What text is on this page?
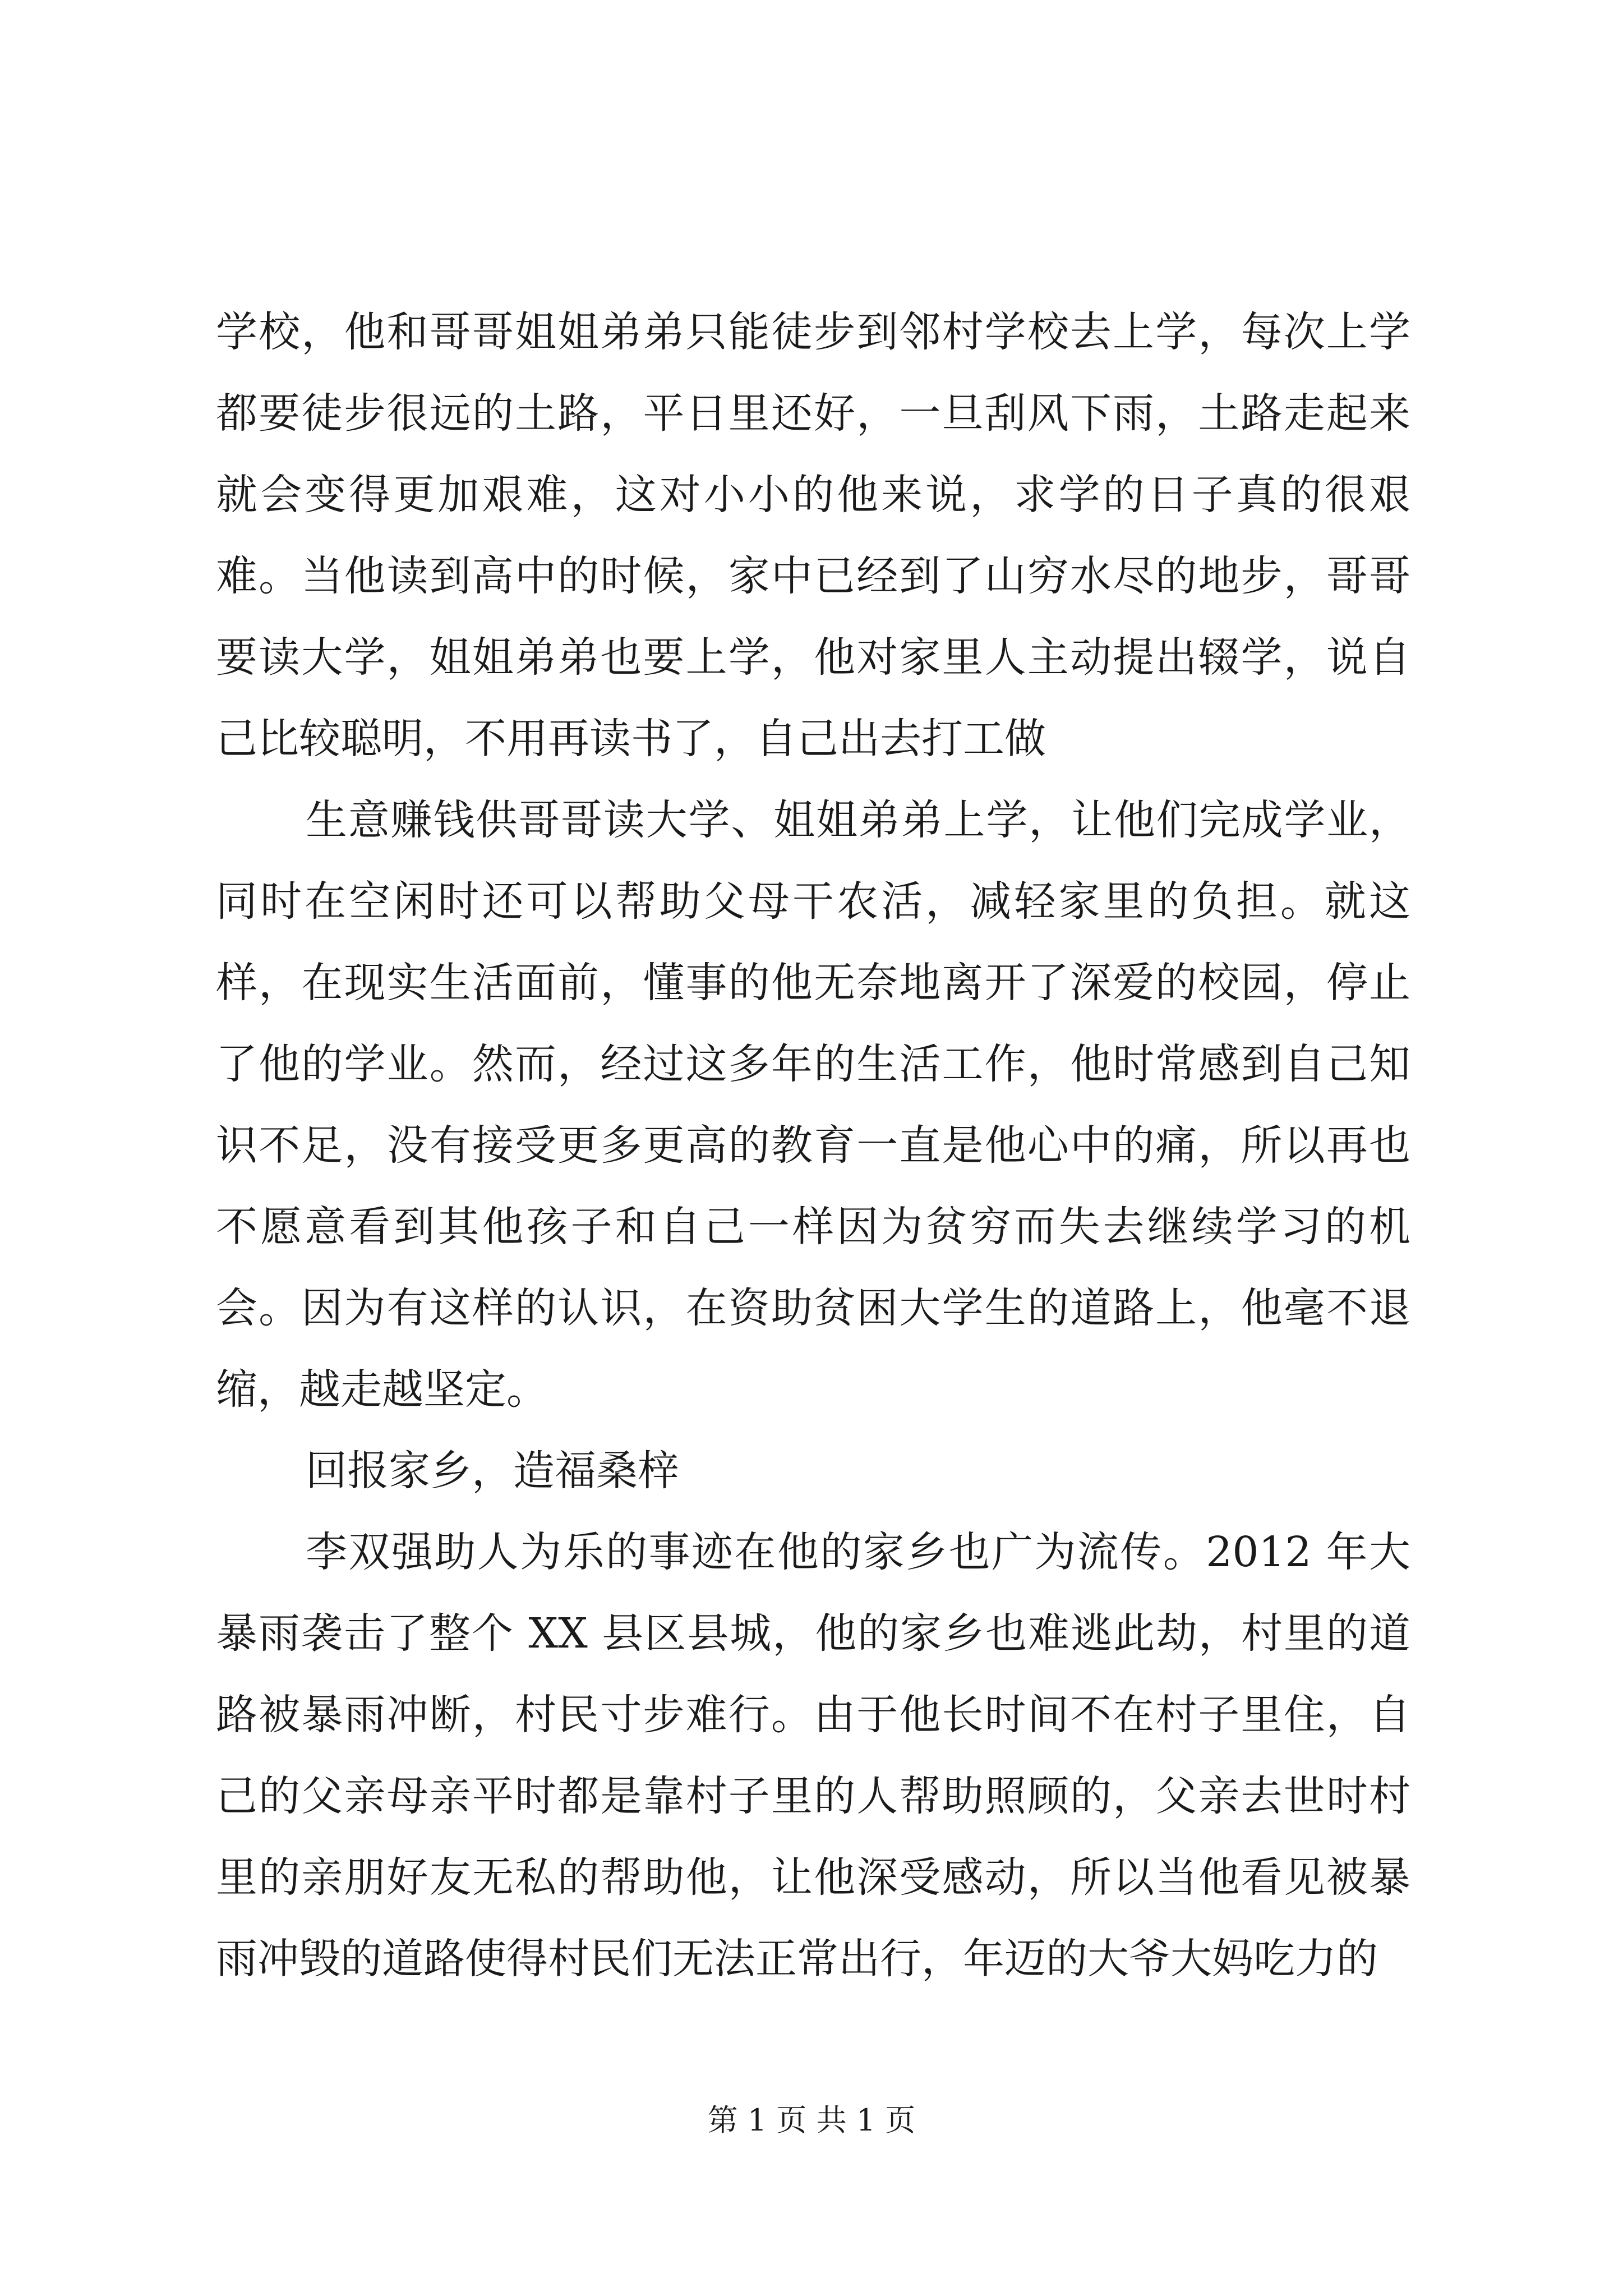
学校，他和哥哥姐姐弟弟只能徒步到邻村学校去上学，每次上学都要徒步很远的土路，平日里还好，一旦刮风下雨，土路走起来就会变得更加艰难，这对小小的他来说，求学的日子真的很艰难。当他读到高中的时候，家中已经到了山穷水尽的地步，哥哥要读大学，姐姐弟弟也要上学，他对家里人主动提出辍学，说自己比较聪明，不用再读书了，自己出去打工做

生意赚钱供哥哥读大学、姐姐弟弟上学，让他们完成学业，同时在空闲时还可以帮助父母干农活，减轻家里的负担。就这样，在现实生活面前，懂事的他无奈地离开了深爱的校园，停止了他的学业。然而，经过这多年的生活工作，他时常感到自己知识不足，没有接受更多更高的教育一直是他心中的痛，所以再也不愿意看到其他孩子和自己一样因为贫穷而失去继续学习的机会。因为有这样的认识，在资助贫困大学生的道路上，他毫不退缩，越走越坚定。

回报家乡，造福桑梓

李双强助人为乐的事迹在他的家乡也广为流传。2012 年大暴雨袭击了整个 XX 县区县城，他的家乡也难逃此劫，村里的道路被暴雨冲断，村民寸步难行。由于他长时间不在村子里住，自己的父亲母亲平时都是靠村子里的人帮助照顾的，父亲去世时村里的亲朋好友无私的帮助他，让他深受感动，所以当他看见被暴雨冲毁的道路使得村民们无法正常出行，年迈的大爷大妈吃力的

第 1 页 共 1 页
